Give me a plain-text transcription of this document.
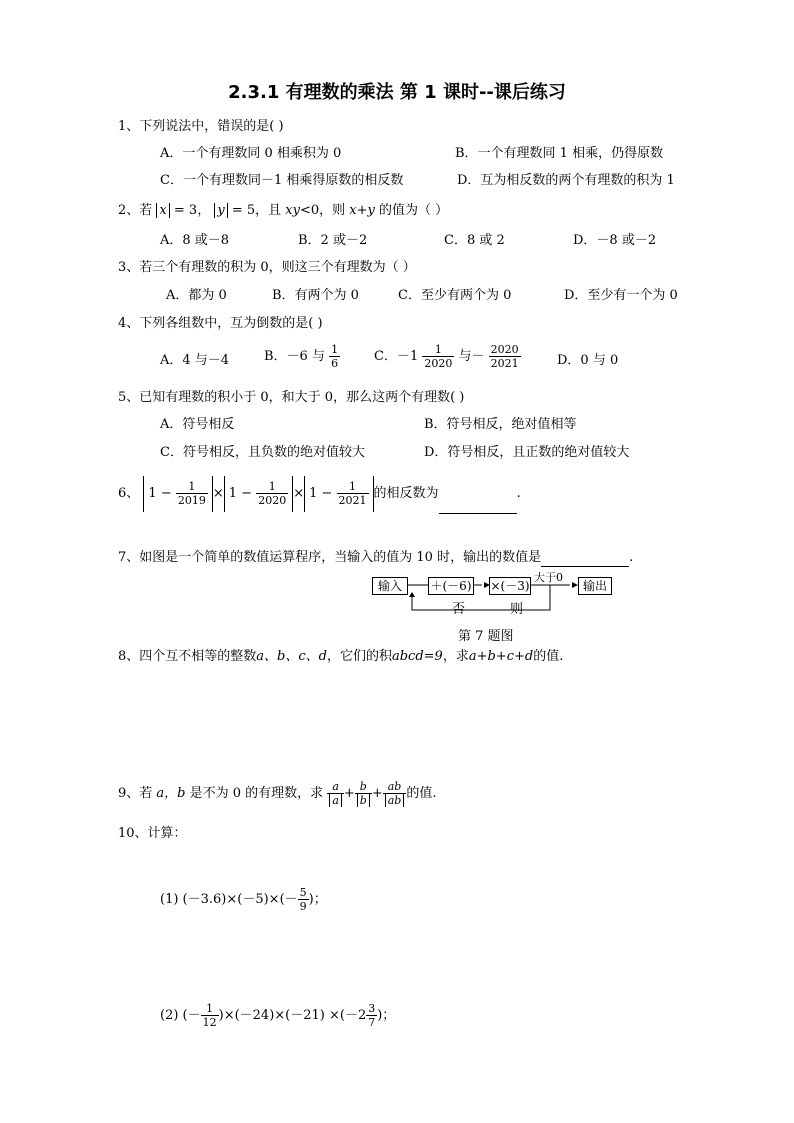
2.3.1 有理数的乘法 第 1 课时--课后练习
1、下列说法中，错误的是( )
A．一个有理数同 0 相乘积为 0	B．一个有理数同 1 相乘，仍得原数
C．一个有理数同－1 相乘得原数的相反数	D．互为相反数的两个有理数的积为 1
2、若 x = 3， y = 5，且 xy<0，则 x+y 的值为（ ）
A．8 或－8	B．2 或－2	C．8 或 2	D．－8 或－2
3、若三个有理数的积为 0，则这三个有理数为（ ）
A．都为 0	B．有两个为 0	C．至少有两个为 0	D．至少有一个为 0
4、下列各组数中，互为倒数的是( )
A．4 与－4	B．－6 与 $\frac{1}{6}$	C．$-1 \frac{1}{2020}$ 与－ $\frac{2020}{2021}$	D．0 与 0
5、已知有理数的积小于 0，和大于 0，那么这两个有理数( )
A．符号相反	B．符号相反，绝对值相等
C．符号相反，且负数的绝对值较大	D．符号相反，且正数的绝对值较大
6、 $1 - \frac{1}{2019} \times 1 - \frac{1}{2020} \times 1 - \frac{1}{2021}$ 的相反数为	.
7、如图是一个简单的数值运算程序，当输入的值为 10 时，输出的数值是	.
输入	＋(－6) ×(－3)
大于0
输出
否	则
第 7 题图
8、四个互不相等的整数a、b、c、d，它们的积abcd=9，求a+b+c+d的值.
9、若 a，b 是不为 0 的有理数，求 $\frac{a}{a} + \frac{b}{b} + \frac{ab}{ab}$ 的值.
10、计算：
(1) $(-3.6)\times(-5)\times(- \frac{5}{9}$ )；
(2) (－ $\frac{1}{12} )\times(-24)\times(-21) \times(-2 \frac{3}{7}$ )；
